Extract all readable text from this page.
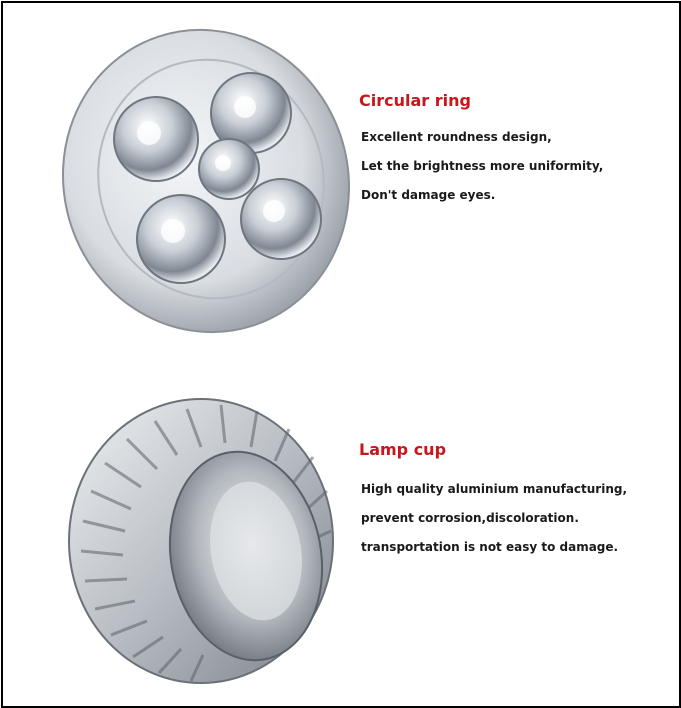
Circular ring
Excellent roundness design,
Let the brightness more uniformity,
Don't damage eyes.
Lamp cup
High quality aluminium manufacturing,
prevent corrosion,discoloration.
transportation is not easy to damage.
